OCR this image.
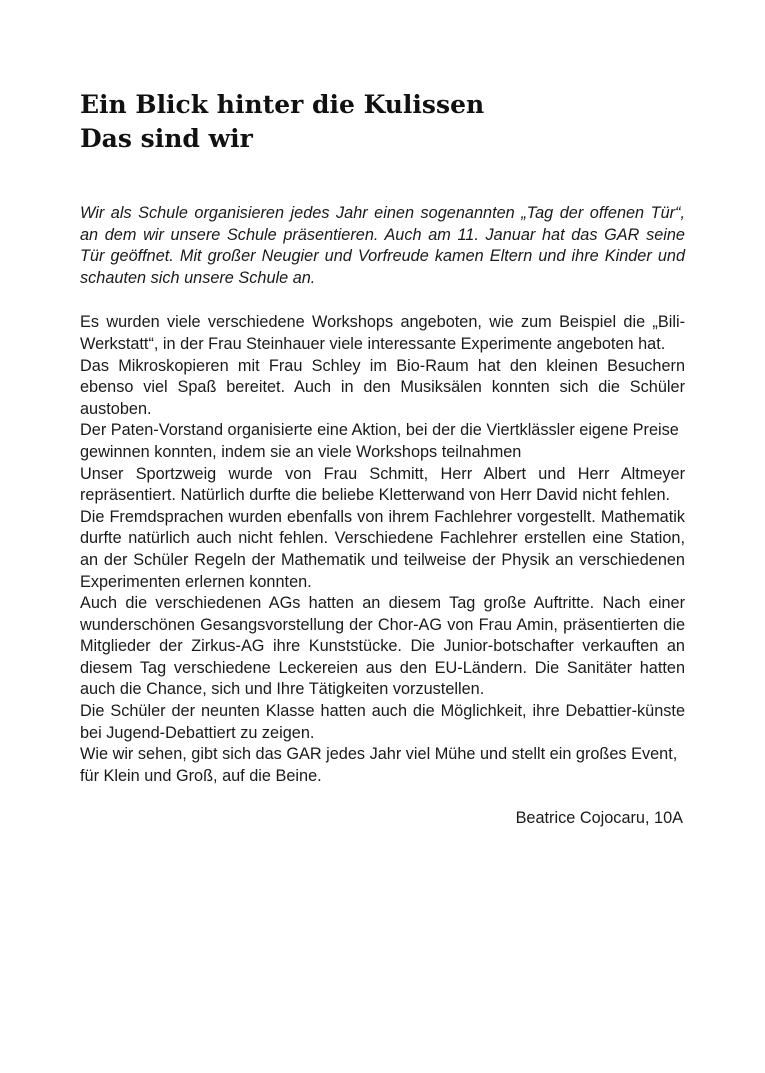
Ein Blick hinter die Kulissen
Das sind wir

Wir als Schule organisieren jedes Jahr einen sogenannten „Tag der offenen Tür“, an dem wir unsere Schule präsentieren. Auch am 11. Januar hat das GAR seine Tür geöffnet. Mit großer Neugier und Vorfreude kamen Eltern und ihre Kinder und schauten sich unsere Schule an.

Es wurden viele verschiedene Workshops angeboten, wie zum Beispiel die „Bili-Werkstatt“, in der Frau Steinhauer viele interessante Experimente angeboten hat.

Das Mikroskopieren mit Frau Schley im Bio-Raum hat den kleinen Besuchern ebenso viel Spaß bereitet. Auch in den Musiksälen konnten sich die Schüler austoben.

Der Paten-Vorstand organisierte eine Aktion, bei der die Viertklässler eigene Preise gewinnen konnten, indem sie an viele Workshops teilnahmen

Unser Sportzweig wurde von Frau Schmitt, Herr Albert und Herr Altmeyer repräsentiert. Natürlich durfte die beliebe Kletterwand von Herr David nicht fehlen.

Die Fremdsprachen wurden ebenfalls von ihrem Fachlehrer vorgestellt. Mathematik durfte natürlich auch nicht fehlen. Verschiedene Fachlehrer erstellen eine Station, an der Schüler Regeln der Mathematik und teilweise der Physik an verschiedenen Experimenten erlernen konnten.

Auch die verschiedenen AGs hatten an diesem Tag große Auftritte. Nach einer wunderschönen Gesangsvorstellung der Chor-AG von Frau Amin, präsentierten die Mitglieder der Zirkus-AG ihre Kunststücke. Die Junior-botschafter verkauften an diesem Tag verschiedene Leckereien aus den EU-Ländern. Die Sanitäter hatten auch die Chance, sich und Ihre Tätigkeiten vorzustellen.

Die Schüler der neunten Klasse hatten auch die Möglichkeit, ihre Debattier-künste bei Jugend-Debattiert zu zeigen.

Wie wir sehen, gibt sich das GAR jedes Jahr viel Mühe und stellt ein großes Event, für Klein und Groß, auf die Beine.

Beatrice Cojocaru, 10A
